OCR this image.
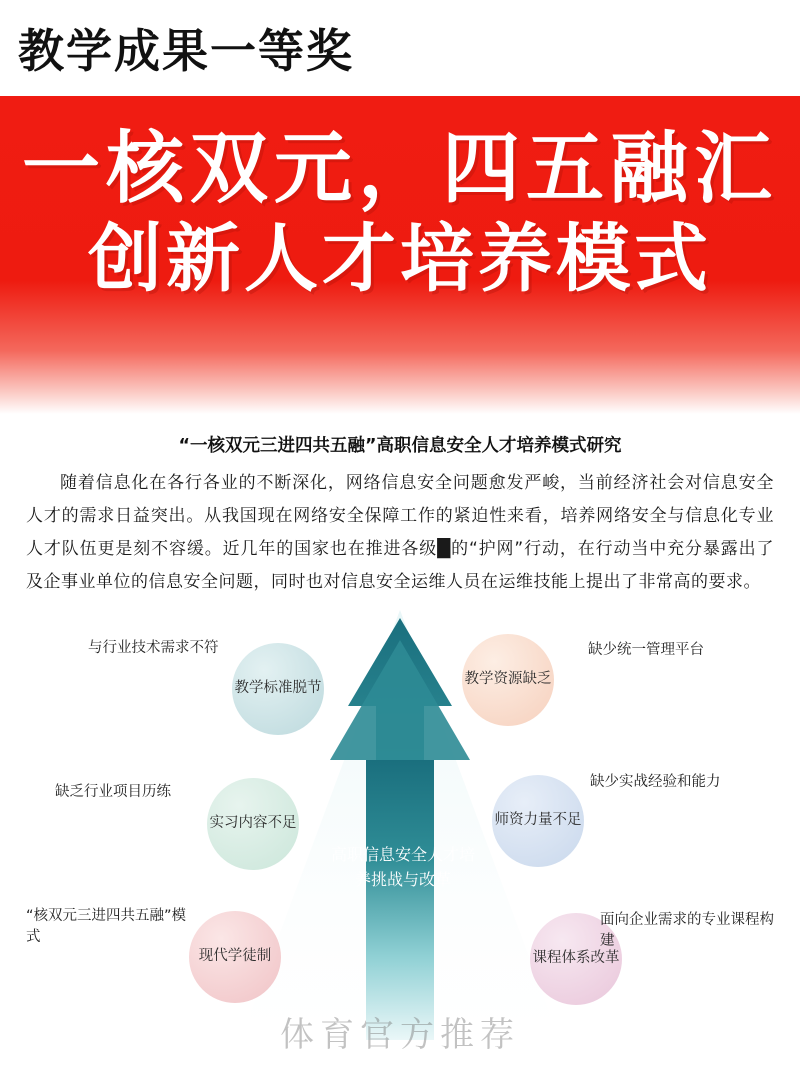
教学成果一等奖
一核双元，四五融汇
创新人才培养模式
“一核双元三进四共五融”高职信息安全人才培养模式研究
随着信息化在各行各业的不断深化，网络信息安全问题愈发严峻，当前经济社会对信息安全人才的需求日益突出。从我国现在网络安全保障工作的紧迫性来看，培养网络安全与信息化专业人才队伍更是刻不容缓。近几年的国家也在推进各级█的“护网”行动，在行动当中充分暴露出了及企事业单位的信息安全问题，同时也对信息安全运维人员在运维技能上提出了非常高的要求。
高职信息安全人才培养挑战与改革
教学标准脱节
教学资源缺乏
实习内容不足	师资力量不足
现代学徒制	课程体系改革
与行业技术需求不符
缺乏行业项目历练
“核双元三进四共五融”模式
缺少统一管理平台
缺少实战经验和能力
面向企业需求的专业课程构建
体育官方推荐
